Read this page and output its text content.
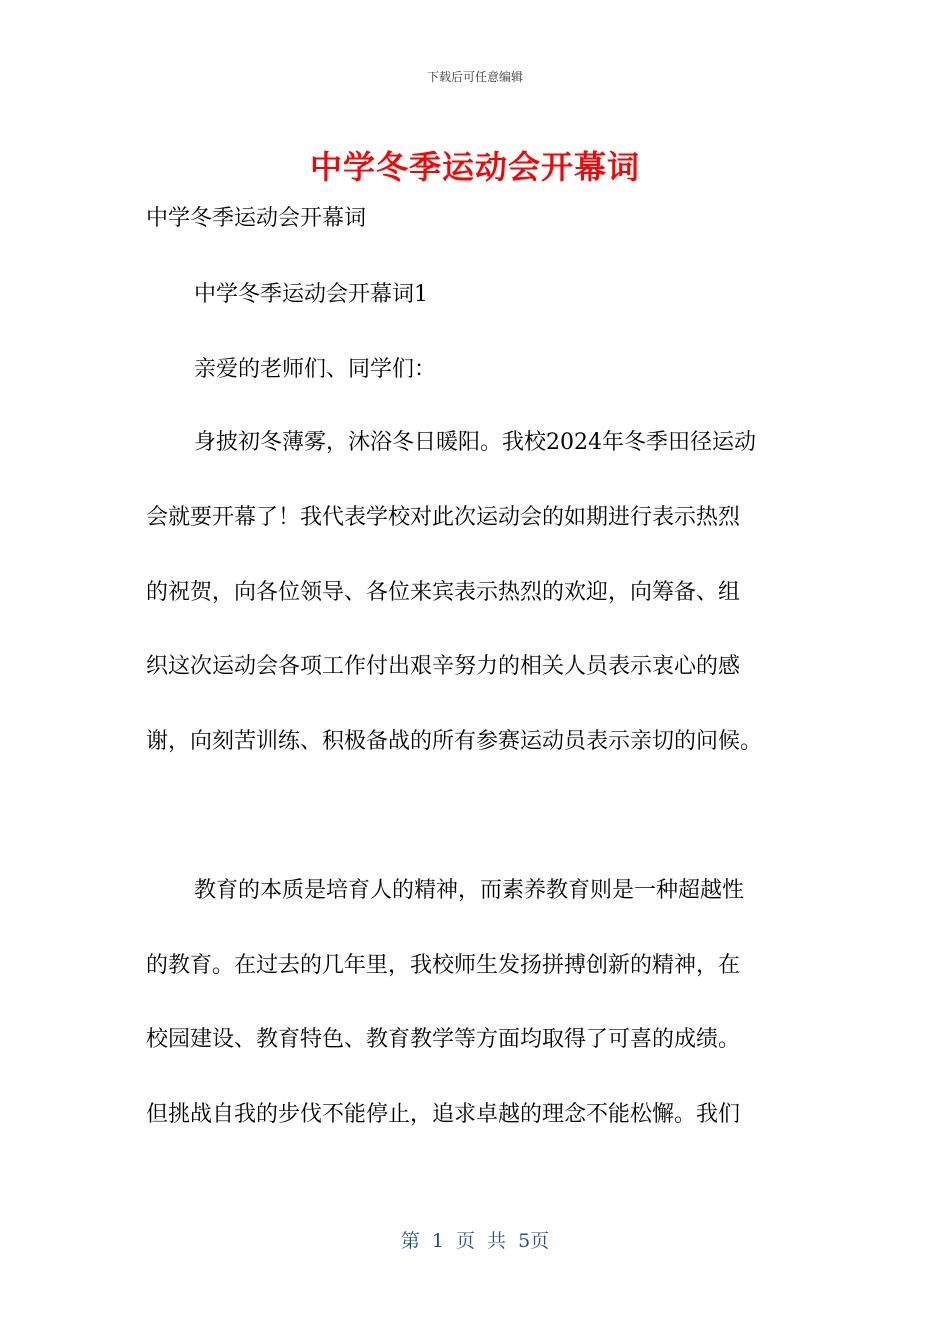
下载后可任意编辑
中学冬季运动会开幕词
中学冬季运动会开幕词
中学冬季运动会开幕词1
亲爱的老师们、同学们：
身披初冬薄雾，沐浴冬日暖阳。我校2024年冬季田径运动
会就要开幕了！我代表学校对此次运动会的如期进行表示热烈
的祝贺，向各位领导、各位来宾表示热烈的欢迎，向筹备、组
织这次运动会各项工作付出艰辛努力的相关人员表示衷心的感
谢，向刻苦训练、积极备战的所有参赛运动员表示亲切的问候。
教育的本质是培育人的精神，而素养教育则是一种超越性
的教育。在过去的几年里，我校师生发扬拼搏创新的精神，在
校园建设、教育特色、教育教学等方面均取得了可喜的成绩。
但挑战自我的步伐不能停止，追求卓越的理念不能松懈。我们
第 1 页 共 5页
